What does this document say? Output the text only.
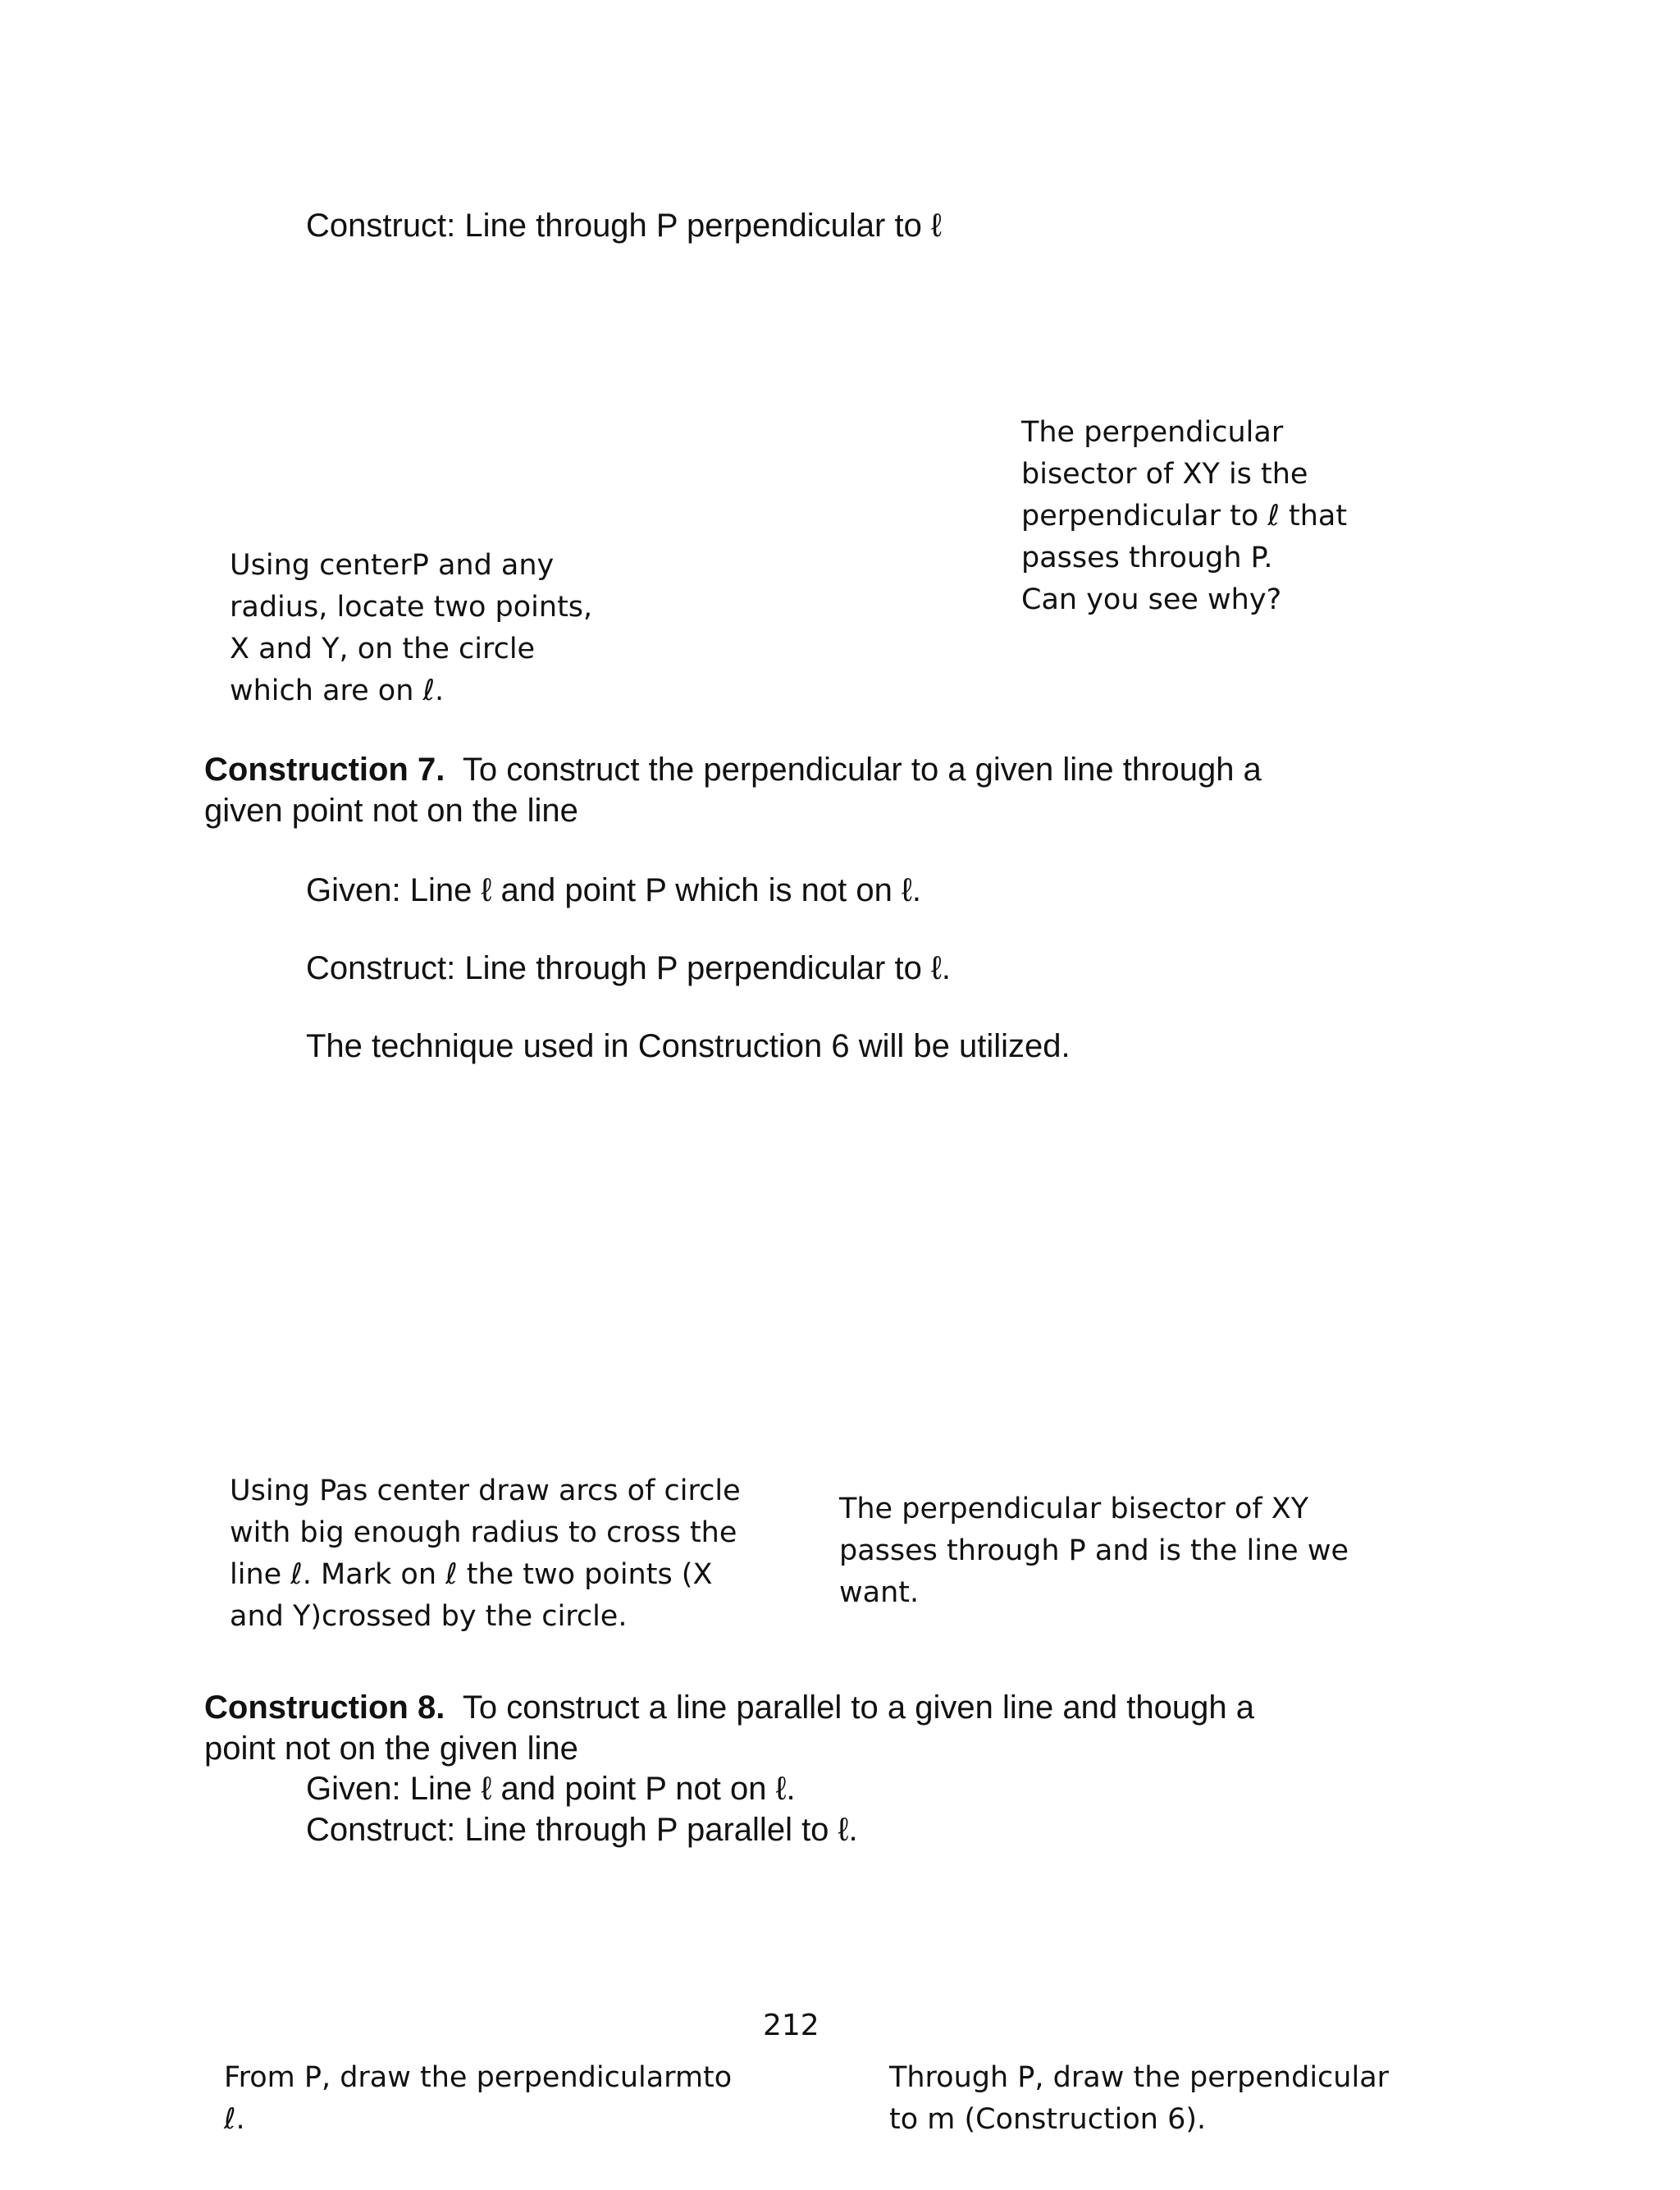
Construct: Line through P perpendicular to ℓ
The perpendicular
bisector of XY is the
perpendicular to ℓ that
passes through P.
Can you see why?
Using centerP and any
radius, locate two points,
X and Y, on the circle
which are on ℓ.
Construction 7. To construct the perpendicular to a given line through a
given point not on the line
Given: Line ℓ and point P which is not on ℓ.
Construct: Line through P perpendicular to ℓ.
The technique used in Construction 6 will be utilized.
Using Pas center draw arcs of circle
with big enough radius to cross the
line ℓ. Mark on ℓ the two points (X
and Y)crossed by the circle.
The perpendicular bisector of XY
passes through P and is the line we
want.
Construction 8. To construct a line parallel to a given line and though a
point not on the given line
Given: Line ℓ and point P not on ℓ.
Construct: Line through P parallel to ℓ.
212
From P, draw the perpendicularmto
ℓ.
Through P, draw the perpendicular
to m (Construction 6).
